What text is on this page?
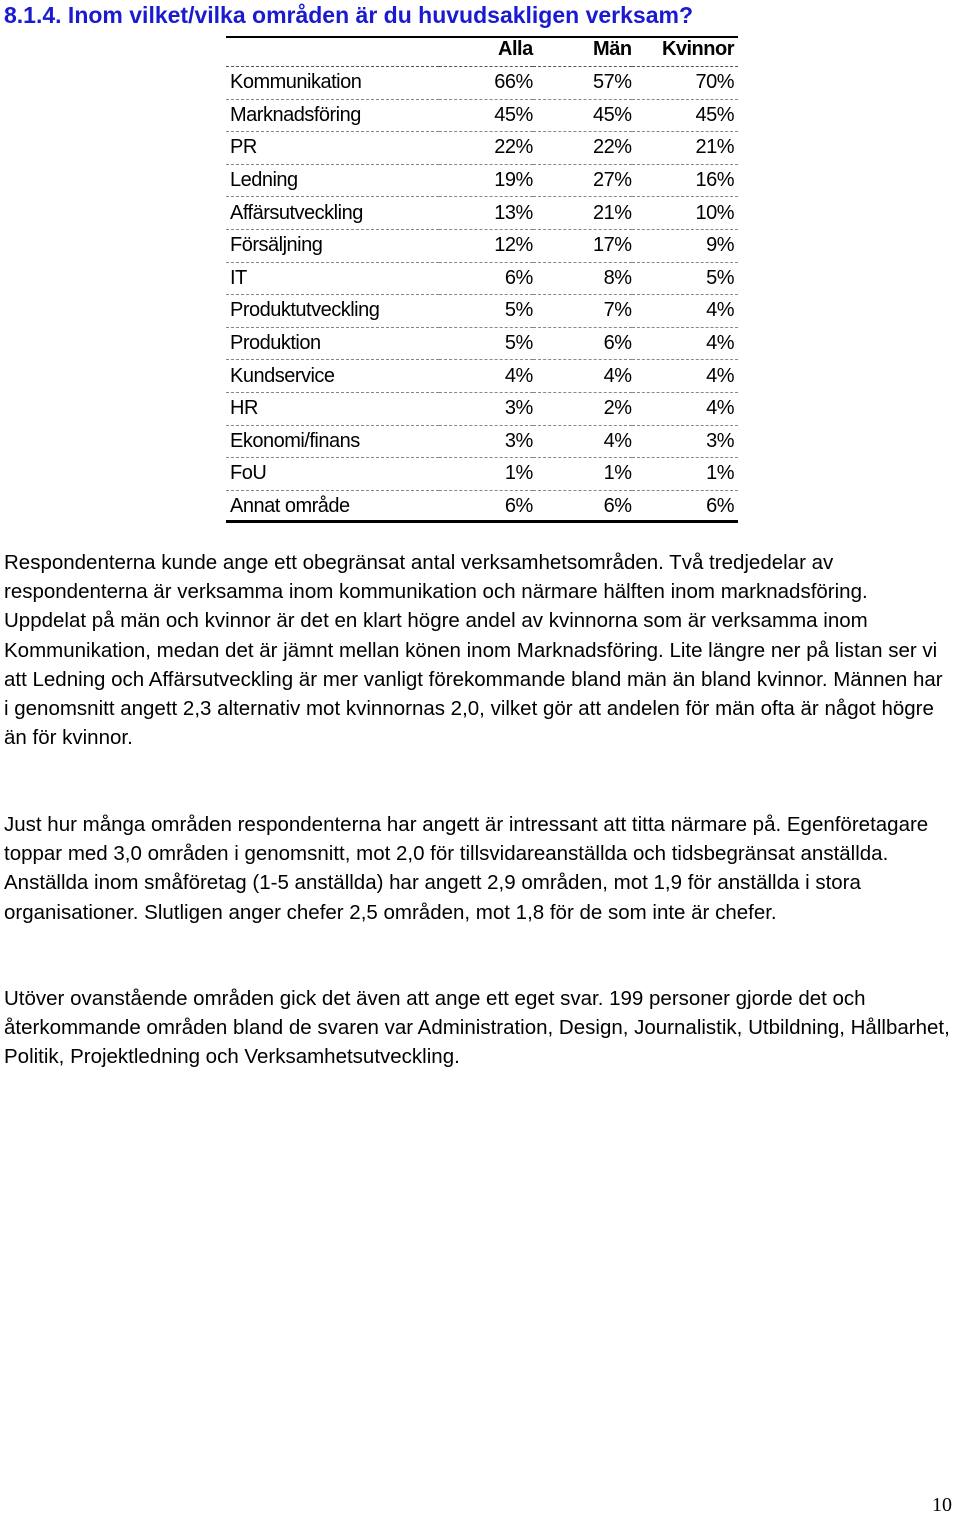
8.1.4. Inom vilket/vilka områden är du huvudsakligen verksam?
	Alla	Män	Kvinnor
Kommunikation	66%	57%	70%
Marknadsföring	45%	45%	45%
PR	22%	22%	21%
Ledning	19%	27%	16%
Affärsutveckling	13%	21%	10%
Försäljning	12%	17%	9%
IT	6%	8%	5%
Produktutveckling	5%	7%	4%
Produktion	5%	6%	4%
Kundservice	4%	4%	4%
HR	3%	2%	4%
Ekonomi/finans	3%	4%	3%
FoU	1%	1%	1%
Annat område	6%	6%	6%

Respondenterna kunde ange ett obegränsat antal verksamhetsområden. Två tredjedelar av respondenterna är verksamma inom kommunikation och närmare hälften inom marknadsföring. Uppdelat på män och kvinnor är det en klart högre andel av kvinnorna som är verksamma inom Kommunikation, medan det är jämnt mellan könen inom Marknadsföring. Lite längre ner på listan ser vi att Ledning och Affärsutveckling är mer vanligt förekommande bland män än bland kvinnor. Männen har i genomsnitt angett 2,3 alternativ mot kvinnornas 2,0, vilket gör att andelen för män ofta är något högre än för kvinnor.

Just hur många områden respondenterna har angett är intressant att titta närmare på. Egenföretagare toppar med 3,0 områden i genomsnitt, mot 2,0 för tillsvidareanställda och tidsbegränsat anställda. Anställda inom småföretag (1-5 anställda) har angett 2,9 områden, mot 1,9 för anställda i stora organisationer. Slutligen anger chefer 2,5 områden, mot 1,8 för de som inte är chefer.

Utöver ovanstående områden gick det även att ange ett eget svar. 199 personer gjorde det och återkommande områden bland de svaren var Administration, Design, Journalistik, Utbildning, Hållbarhet, Politik, Projektledning och Verksamhetsutveckling.

10
